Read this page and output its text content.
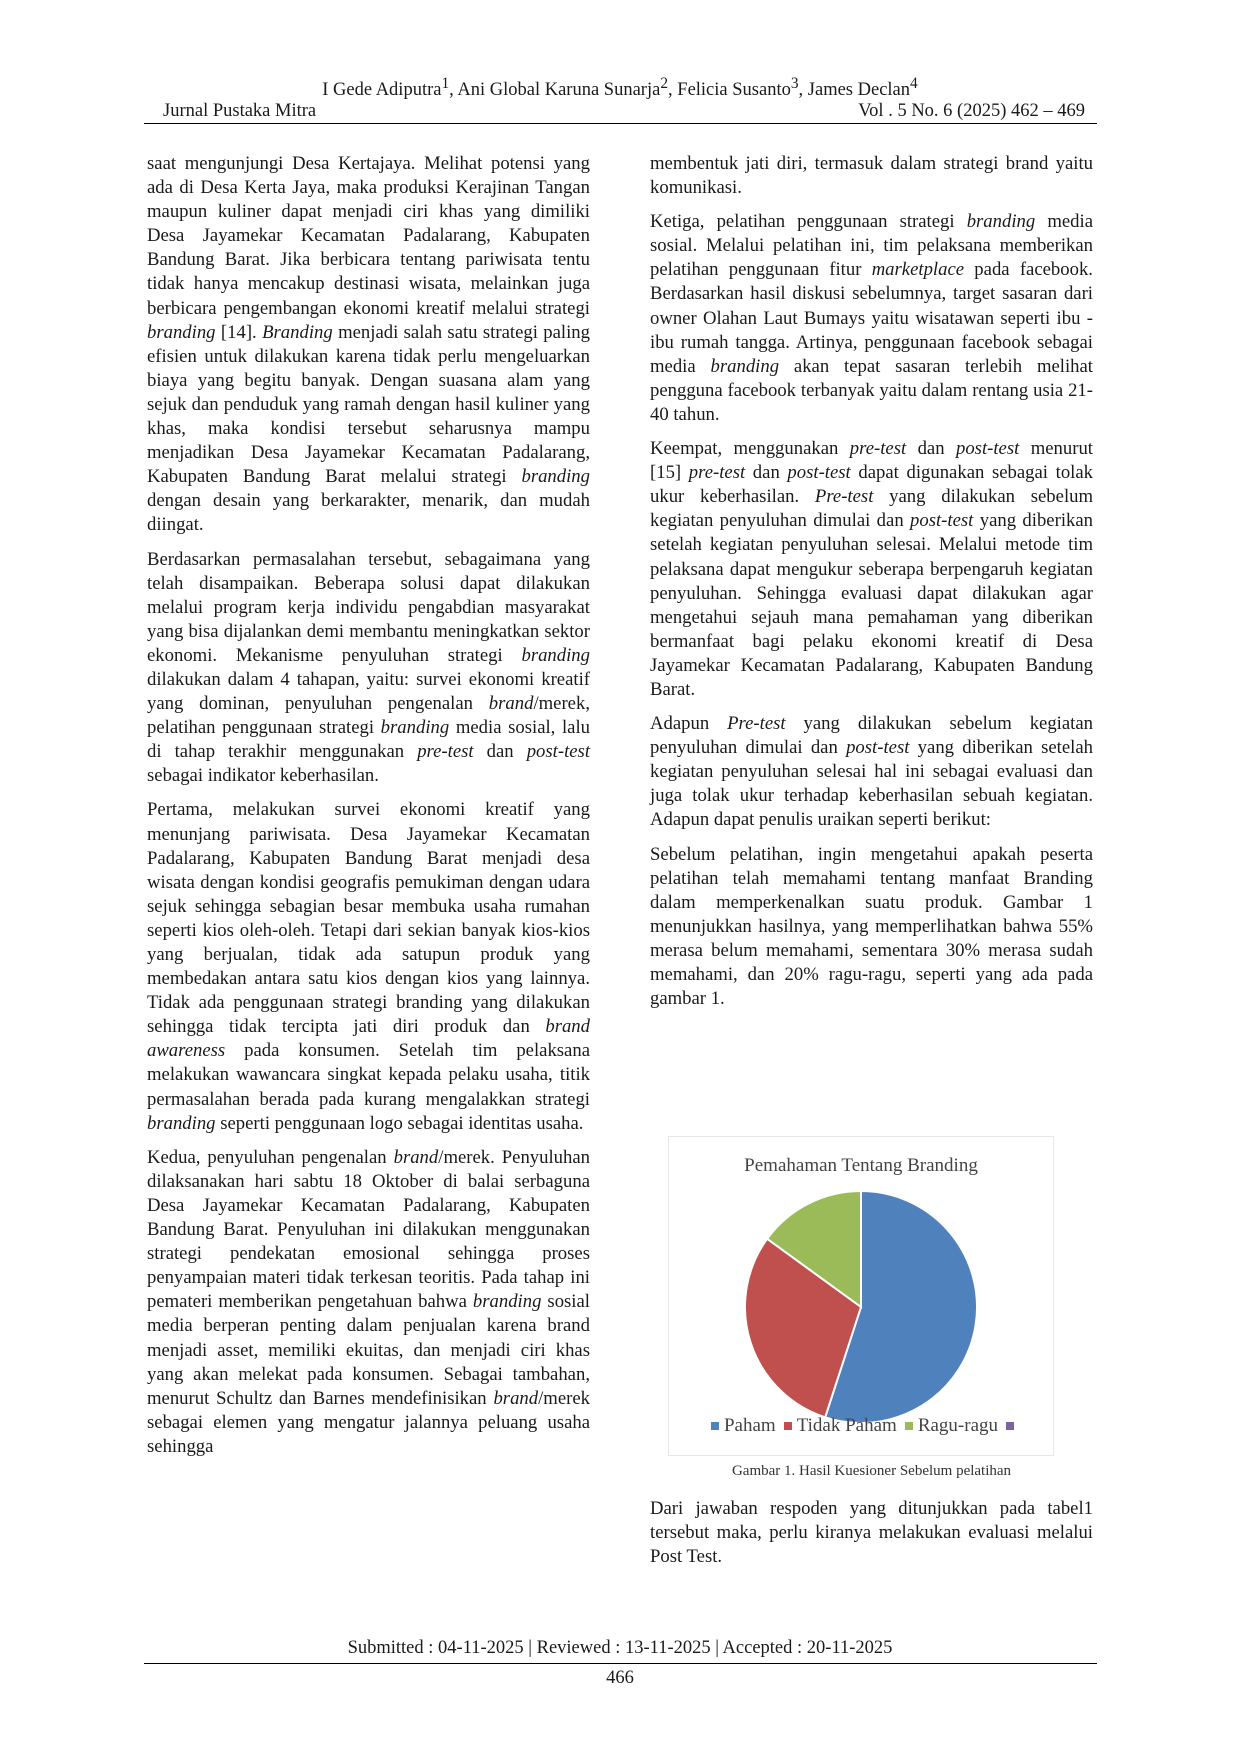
I Gede Adiputra$^1$, Ani Global Karuna Sunarja$^2$, Felicia Susanto$^3$, James Declan$^4$
Jurnal Pustaka Mitra	Vol . 5 No. 6 (2025) 462 – 469

saat mengunjungi Desa Kertajaya. Melihat potensi yang ada di Desa Kerta Jaya, maka produksi Kerajinan Tangan maupun kuliner dapat menjadi ciri khas yang dimiliki Desa Jayamekar Kecamatan Padalarang, Kabupaten Bandung Barat. Jika berbicara tentang pariwisata tentu tidak hanya mencakup destinasi wisata, melainkan juga berbicara pengembangan ekonomi kreatif melalui strategi branding [14]. Branding menjadi salah satu strategi paling efisien untuk dilakukan karena tidak perlu mengeluarkan biaya yang begitu banyak. Dengan suasana alam yang sejuk dan penduduk yang ramah dengan hasil kuliner yang khas, maka kondisi tersebut seharusnya mampu menjadikan Desa Jayamekar Kecamatan Padalarang, Kabupaten Bandung Barat melalui strategi branding dengan desain yang berkarakter, menarik, dan mudah diingat.

Berdasarkan permasalahan tersebut, sebagaimana yang telah disampaikan. Beberapa solusi dapat dilakukan melalui program kerja individu pengabdian masyarakat yang bisa dijalankan demi membantu meningkatkan sektor ekonomi. Mekanisme penyuluhan strategi branding dilakukan dalam 4 tahapan, yaitu: survei ekonomi kreatif yang dominan, penyuluhan pengenalan brand/merek, pelatihan penggunaan strategi branding media sosial, lalu di tahap terakhir menggunakan pre-test dan post-test sebagai indikator keberhasilan.

Pertama, melakukan survei ekonomi kreatif yang menunjang pariwisata. Desa Jayamekar Kecamatan Padalarang, Kabupaten Bandung Barat menjadi desa wisata dengan kondisi geografis pemukiman dengan udara sejuk sehingga sebagian besar membuka usaha rumahan seperti kios oleh-oleh. Tetapi dari sekian banyak kios-kios yang berjualan, tidak ada satupun produk yang membedakan antara satu kios dengan kios yang lainnya. Tidak ada penggunaan strategi branding yang dilakukan sehingga tidak tercipta jati diri produk dan brand awareness pada konsumen. Setelah tim pelaksana melakukan wawancara singkat kepada pelaku usaha, titik permasalahan berada pada kurang mengalakkan strategi branding seperti penggunaan logo sebagai identitas usaha.

Kedua, penyuluhan pengenalan brand/merek. Penyuluhan dilaksanakan hari sabtu 18 Oktober di balai serbaguna Desa Jayamekar Kecamatan Padalarang, Kabupaten Bandung Barat. Penyuluhan ini dilakukan menggunakan strategi pendekatan emosional sehingga proses penyampaian materi tidak terkesan teoritis. Pada tahap ini pemateri memberikan pengetahuan bahwa branding sosial media berperan penting dalam penjualan karena brand menjadi asset, memiliki ekuitas, dan menjadi ciri khas yang akan melekat pada konsumen. Sebagai tambahan, menurut Schultz dan Barnes mendefinisikan brand/merek sebagai elemen yang mengatur jalannya peluang usaha sehingga

membentuk jati diri, termasuk dalam strategi brand yaitu komunikasi.

Ketiga, pelatihan penggunaan strategi branding media sosial. Melalui pelatihan ini, tim pelaksana memberikan pelatihan penggunaan fitur marketplace pada facebook. Berdasarkan hasil diskusi sebelumnya, target sasaran dari owner Olahan Laut Bumays yaitu wisatawan seperti ibu - ibu rumah tangga. Artinya, penggunaan facebook sebagai media branding akan tepat sasaran terlebih melihat pengguna facebook terbanyak yaitu dalam rentang usia 21- 40 tahun.

Keempat, menggunakan pre-test dan post-test menurut [15] pre-test dan post-test dapat digunakan sebagai tolak ukur keberhasilan. Pre-test yang dilakukan sebelum kegiatan penyuluhan dimulai dan post-test yang diberikan setelah kegiatan penyuluhan selesai. Melalui metode tim pelaksana dapat mengukur seberapa berpengaruh kegiatan penyuluhan. Sehingga evaluasi dapat dilakukan agar mengetahui sejauh mana pemahaman yang diberikan bermanfaat bagi pelaku ekonomi kreatif di Desa Jayamekar Kecamatan Padalarang, Kabupaten Bandung Barat.

Adapun Pre-test yang dilakukan sebelum kegiatan penyuluhan dimulai dan post-test yang diberikan setelah kegiatan penyuluhan selesai hal ini sebagai evaluasi dan juga tolak ukur terhadap keberhasilan sebuah kegiatan. Adapun dapat penulis uraikan seperti berikut:

Sebelum pelatihan, ingin mengetahui apakah peserta pelatihan telah memahami tentang manfaat Branding dalam memperkenalkan suatu produk. Gambar 1 menunjukkan hasilnya, yang memperlihatkan bahwa 55% merasa belum memahami, sementara 30% merasa sudah memahami, dan 20% ragu-ragu, seperti yang ada pada gambar 1.

Pemahaman Tentang Branding
Paham Tidak Paham Ragu-ragu
Gambar 1. Hasil Kuesioner Sebelum pelatihan

Dari jawaban respoden yang ditunjukkan pada tabel1 tersebut maka, perlu kiranya melakukan evaluasi melalui Post Test.

Submitted : 04-11-2025 | Reviewed : 13-11-2025 | Accepted : 20-11-2025
466
